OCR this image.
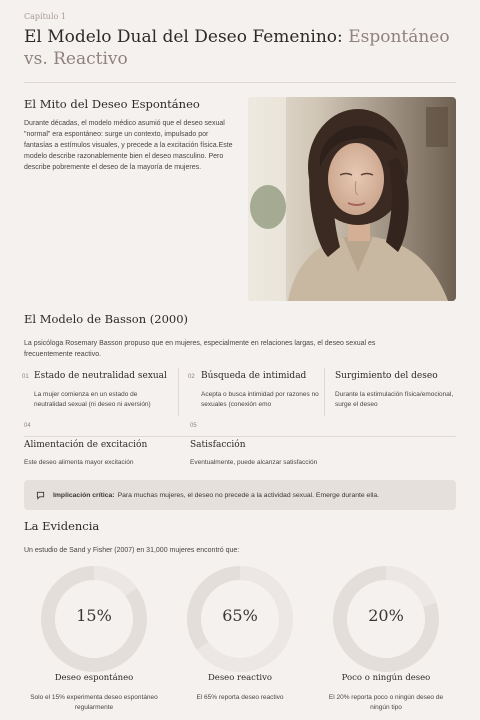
Capítulo 1
El Modelo Dual del Deseo Femenino: Espontáneo vs. Reactivo
El Mito del Deseo Espontáneo
Durante décadas, el modelo médico asumió que el deseo sexual "normal" era espontáneo: surge un contexto, impulsado por fantasías a estímulos visuales, y precede a la excitación física.Este modelo describe razonablemente bien el deseo masculino. Pero describe pobremente el deseo de la mayoría de mujeres.
El Modelo de Basson (2000)
La psicóloga Rosemary Basson propuso que en mujeres, especialmente en relaciones largas, el deseo sexual es frecuentemente reactivo.
01 Estado de neutralidad sexual
La mujer comienza en un estado de neutralidad sexual (ni deseo ni aversión)
02 Búsqueda de intimidad
Acepta o busca intimidad por razones no sexuales (conexión emo
Surgimiento del deseo
Durante la estimulación física/emocional, surge el deseo
04
Alimentación de excitación
Este deseo alimenta mayor excitación
05
Satisfacción
Eventualmente, puede alcanzar satisfacción
Implicación crítica: Para muchas mujeres, el deseo no precede a la actividad sexual. Emerge durante ella.
La Evidencia
Un estudio de Sand y Fisher (2007) en 31,000 mujeres encontró que:
15%	65%	20%
Deseo espontáneo	Deseo reactivo	Poco o ningún deseo
Solo el 15% experimenta deseo espontáneo regularmente
El 65% reporta deseo reactivo	El 20% reporta poco o ningún deseo de ningún tipo
